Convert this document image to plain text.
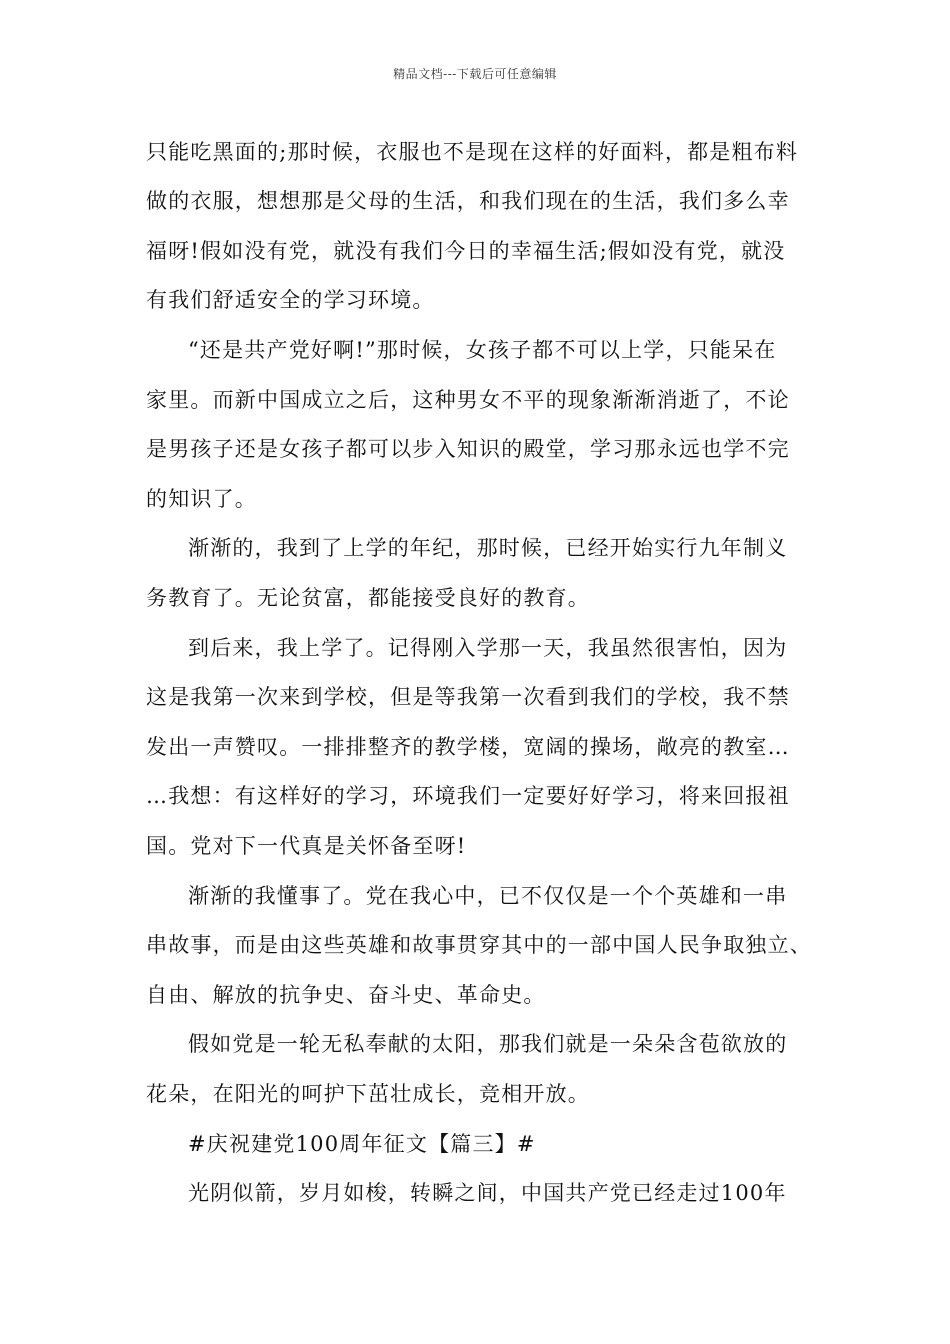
精品文档---下载后可任意编辑
只能吃黑面的;那时候，衣服也不是现在这样的好面料，都是粗布料
做的衣服，想想那是父母的生活，和我们现在的生活，我们多么幸
福呀!假如没有党，就没有我们今日的幸福生活;假如没有党，就没
有我们舒适安全的学习环境。
“还是共产党好啊!”那时候，女孩子都不可以上学，只能呆在
家里。而新中国成立之后，这种男女不平的现象渐渐消逝了，不论
是男孩子还是女孩子都可以步入知识的殿堂，学习那永远也学不完
的知识了。
渐渐的，我到了上学的年纪，那时候，已经开始实行九年制义
务教育了。无论贫富，都能接受良好的教育。
到后来，我上学了。记得刚入学那一天，我虽然很害怕，因为
这是我第一次来到学校，但是等我第一次看到我们的学校，我不禁
发出一声赞叹。一排排整齐的教学楼，宽阔的操场，敞亮的教室…
…我想：有这样好的学习，环境我们一定要好好学习，将来回报祖
国。党对下一代真是关怀备至呀!
渐渐的我懂事了。党在我心中，已不仅仅是一个个英雄和一串
串故事，而是由这些英雄和故事贯穿其中的一部中国人民争取独立、
自由、解放的抗争史、奋斗史、革命史。
假如党是一轮无私奉献的太阳，那我们就是一朵朵含苞欲放的
花朵，在阳光的呵护下茁壮成长，竞相开放。
#庆祝建党100周年征文【篇三】#
光阴似箭，岁月如梭，转瞬之间，中国共产党已经走过100年
